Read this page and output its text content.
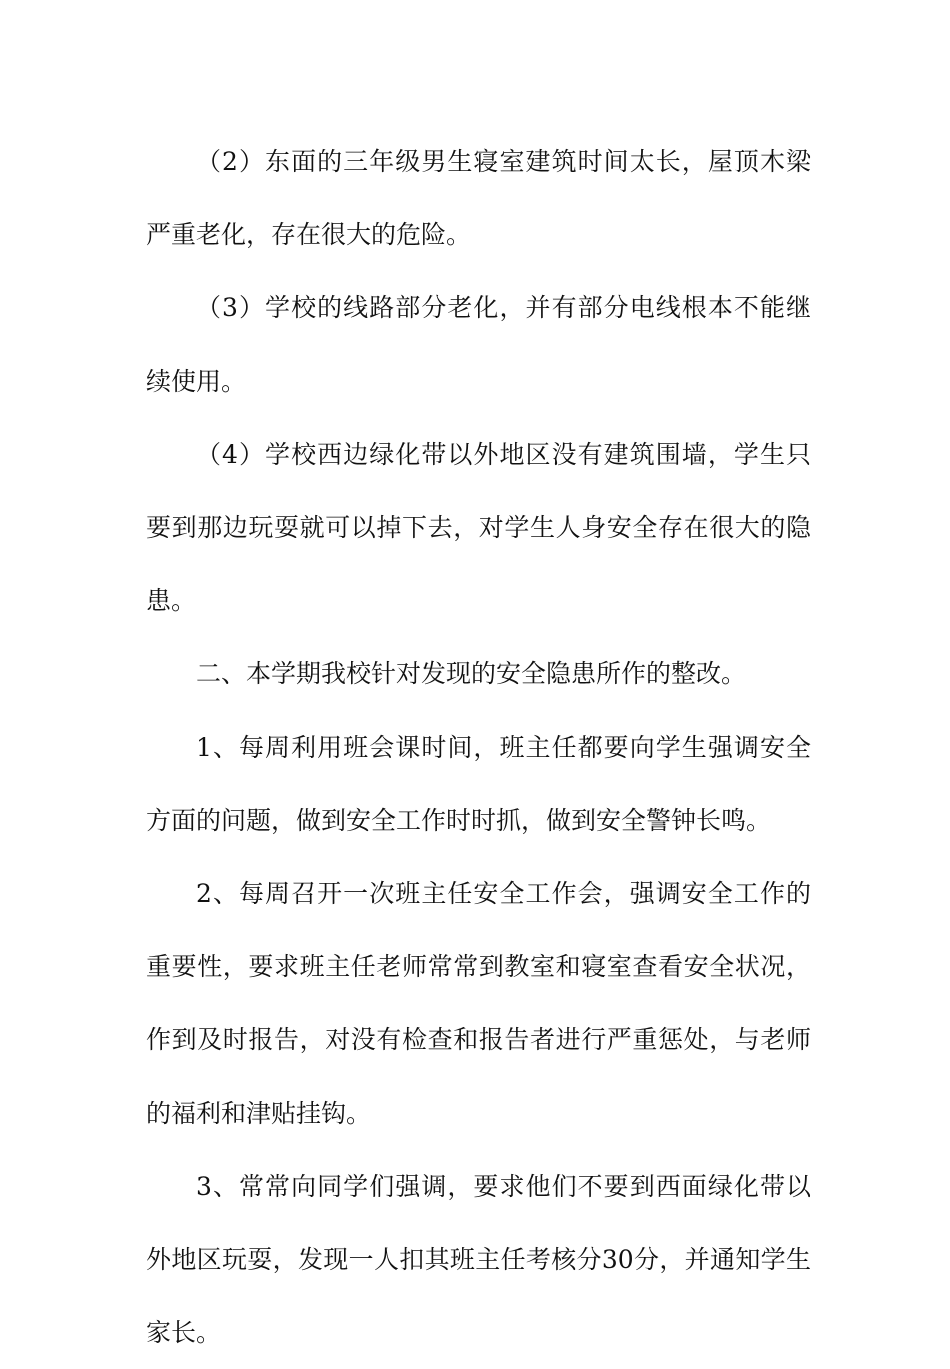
（2）东面的三年级男生寝室建筑时间太长，屋顶木梁严重老化，存在很大的危险。

（3）学校的线路部分老化，并有部分电线根本不能继续使用。

（4）学校西边绿化带以外地区没有建筑围墙，学生只要到那边玩耍就可以掉下去，对学生人身安全存在很大的隐患。

二、本学期我校针对发现的安全隐患所作的整改。

1、每周利用班会课时间，班主任都要向学生强调安全方面的问题，做到安全工作时时抓，做到安全警钟长鸣。

2、每周召开一次班主任安全工作会，强调安全工作的重要性，要求班主任老师常常到教室和寝室查看安全状况，作到及时报告，对没有检查和报告者进行严重惩处，与老师的福利和津贴挂钩。

3、常常向同学们强调，要求他们不要到西面绿化带以外地区玩耍，发现一人扣其班主任考核分30分，并通知学生家长。
